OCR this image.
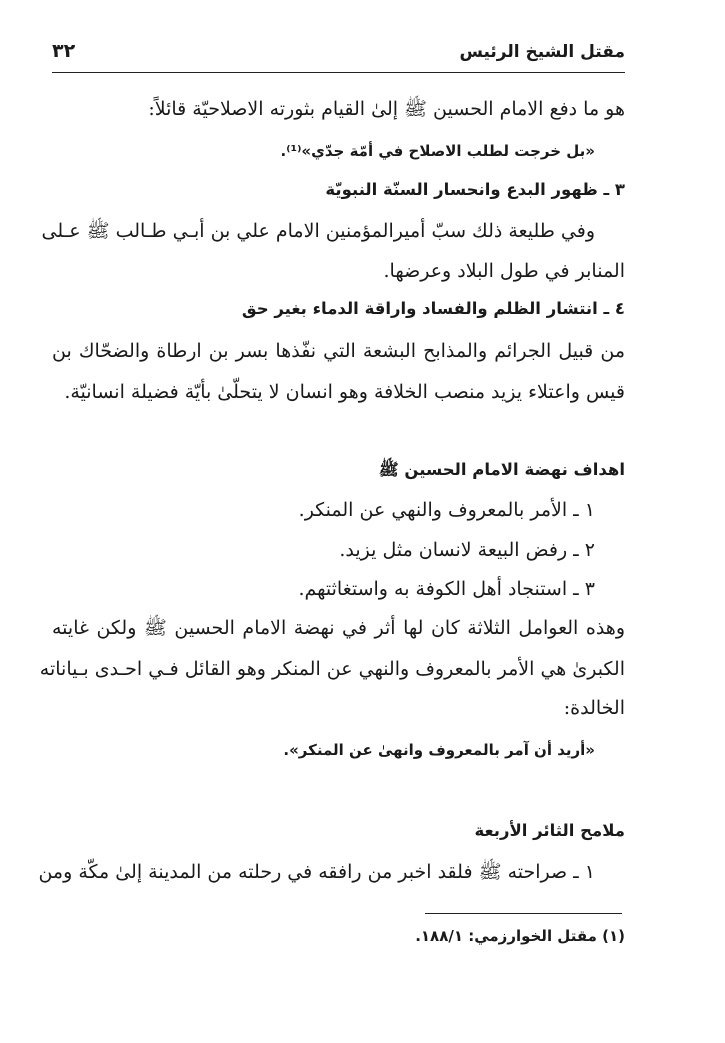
مقتل الشيخ الرئيس
٣٢
هو ما دفع الامام الحسين ﷺ إلىٰ القيام بثورته الاصلاحيّة قائلاً:
«بل خرجت لطلب الاصلاح في أمّة جدّي»⁽¹⁾.
٣ ـ ظهور البدع وانحسار السنّة النبويّة
وفي طليعة ذلك سبّ أميرالمؤمنين الامام علي بن أبـي طـالب ﷺ عـلى
المنابر في طول البلاد وعرضها.
٤ ـ انتشار الظلم والفساد واراقة الدماء بغير حق
من قبيل الجرائم والمذابح البشعة التي نفّذها بسر بن ارطاة والضحّاك بن
قيس واعتلاء يزيد منصب الخلافة وهو انسان لا يتحلّىٰ بأيّة فضيلة انسانيّة.
اهداف نهضة الامام الحسين ﷺ
١ ـ الأمر بالمعروف والنهي عن المنكر.
٢ ـ رفض البيعة لانسان مثل يزيد.
٣ ـ استنجاد أهل الكوفة به واستغاثتهم.
وهذه العوامل الثلاثة كان لها أثر في نهضة الامام الحسين ﷺ ولكن غايته
الكبرىٰ هي الأمر بالمعروف والنهي عن المنكر وهو القائل فـي احـدى بـياناته
الخالدة:
«أريد أن آمر بالمعروف وانهىٰ عن المنكر».
ملامح الثائر الأربعة
١ ـ صراحته ﷺ فلقد اخبر من رافقه في رحلته من المدينة إلىٰ مكّة ومن
(١) مقتل الخوارزمي: ١٨٨/١.
